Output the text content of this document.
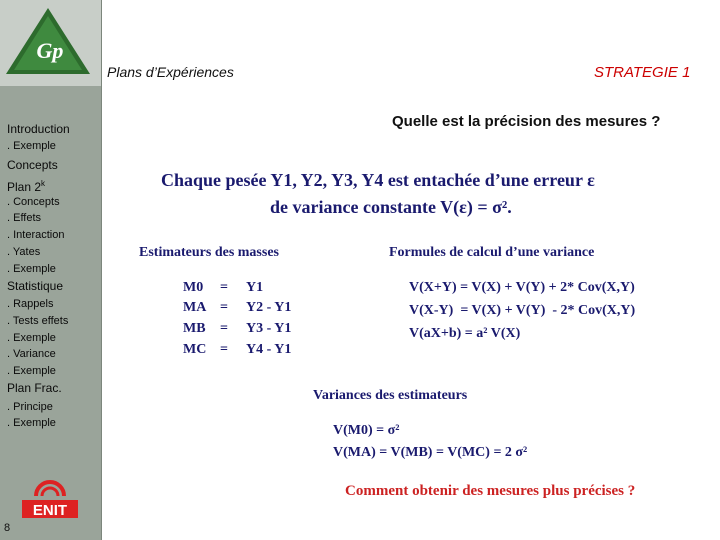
Gp
Introduction
. Exemple
Concepts
Plan 2$^k$
. Concepts
. Effets
. Interaction
. Yates
. Exemple
Statistique
. Rappels
. Tests effets
. Exemple
. Variance
. Exemple
Plan Frac.
. Principe
. Exemple
ENIT
8
Plans d’Expériences	STRATEGIE 1
Quelle est la précision des mesures ?
Chaque pesée Y1, Y2, Y3, Y4 est entachée d’une erreur ε
de variance constante V(ε) = σ².
Estimateurs des masses	Formules de calcul d’une variance
M0 = Y1
MA = Y2 - Y1
MB = Y3 - Y1
MC = Y4 - Y1
V(X+Y) = V(X) + V(Y) + 2* Cov(X,Y)
V(X-Y)  = V(X) + V(Y)  - 2* Cov(X,Y)
V(aX+b) = a² V(X)
Variances des estimateurs
V(M0) = σ²
V(MA) = V(MB) = V(MC) = 2 σ²
Comment obtenir des mesures plus précises ?
